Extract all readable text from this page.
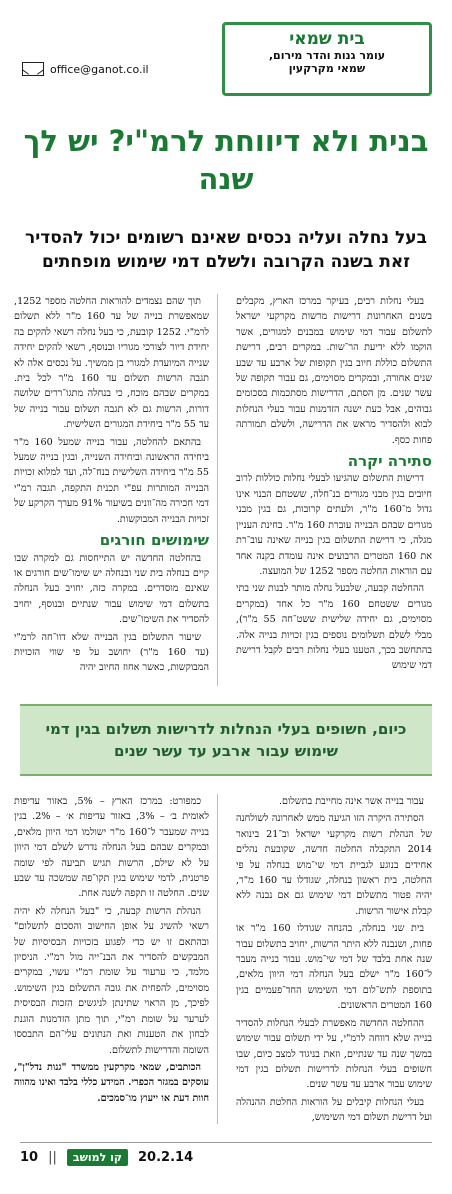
בית שמאי
עומר גנות והדר מירום,
שמאי מקרקעין
office@ganot.co.il
בנית ולא דיווחת לרמ"י? יש לך שנה
בעל נחלה ועליה נכסים שאינם רשומים יכול להסדיר זאת בשנה הקרובה ולשלם דמי שימוש מופחתים

בעלי נחלות רבים, בעיקר במרכז הארץ, מקבלים בשנים האחרונות דרישות מרשות מקרקעי ישראל לתשלום עבור דמי שימוש במבנים למגורים, אשר הוקמו ללא ידיעת הר־שות. במקרים רבים, דרישת התשלום כוללת חיוב בגין תקופות של ארבע עד שבע שנים אחורה, ובמקרים מסוימים, גם עבור תקופה של עשר שנים. מן הסתם, הדרישות מסתכמות בסכומים גבוהים, אבל כעת ישנה הזדמנות עבור בעלי הנחלות לבוא ולהסדיר מראש את הדרישה, ולשלם תמורתה פחות כסף.

סתירה יקרה

דרישות התשלום שהגיעו לבעלי נחלות כוללות לרוב חיובים בגין מבני מגורים בנ־חלה, ששטחם הבנוי אינו גדול מ־160 מ"ר, ולעתים קרובות, גם בגין מבני מגורים שבהם הבנייה עוברת 160 מ"ר. בחינת העניין מגלה, כי דרישת התשלום בגין בנייה שאינה עוב־רת את 160 המטרים הרבועים אינה עומדת בקנה אחד עם הוראות החלטה מספר 1252 של המועצה.

ההחלטה קבעה, שלבעל נחלה מותר לבנות שני בתי מגורים ששטחם 160 מ"ר כל אחד (במקרים מסוימים, גם יחידה שלישית ששט־חה 55 מ"ר), מבלי לשלם תשלומים נוספים בגין זכויות בנייה אלה. בהתחשב בכך, הטענו בעלי נחלות רבים לקבל דרישת דמי שימוש

תוך שהם נצמדים להוראות החלטה מספר 1252, שמאפשרת בנייה של עד 160 מ"ר ללא תשלום לרמ"י. 1252 קובעת, כי בעל נחלה רשאי להקים בה יחידת דיור לצורכי מגוריו ובנוסף, רשאי להקים יחידה שנייה המיועדת למגורי בן ממשיך. על נכסים אלה לא תגבה הרשות תשלום עד 160 מ"ר לכל בית. במקרים שבהם מוכח, כי בנחלה מתגו־ררים שלושה דורות, הרשות גם לא תגבה תשלום עבור בנייה של עד 55 מ"ר ביחידת המגורים השלישית.

בהתאם להחלטה, עבור בנייה שמעל 160 מ"ר ביחידה הראשונה וביחידה השנייה, ובגין בנייה שמעל 55 מ"ר ביחידה השלישית בנח־לה, ועד למלוא זכויות הבנייה המותרות עפ"י תכנית התקפה, תגבה רמ"י דמי חכירה מה־וונים בשיעור 91% מערך הקרקע של זכויות הבנייה המבוקשות.

שימושים חורגים

בהחלטה החדשה יש התייחסות גם למקרה שבו קיים בנחלה בית שני ובנחלה יש שימו־שים חורגים או שאינם מוסדרים. במקרה כזה, יחויב בעל הנחלה בתשלום דמי שימוש עבור שנתיים ובנוסף, יחויב להסדיר את השימו־שים.

שיעור התשלום בגין הבנייה שלא דוו־חה לרמ"י (עד 160 מ"ר) יחושב על פי שווי הזכויות המבוקשות, כאשר אחוז החיוב יהיה

כיום, חשופים בעלי הנחלות לדרישות תשלום בגין דמי שימוש עבור ארבע עד עשר שנים

עבור בנייה אשר אינה מחייבת בתשלום.

הסתירה היקרה הזו הגיעה ממש לאחרונה לשולחנה של הנהלת רשות מקרקעי ישראל וב־21 בינואר 2014 התקבלה החלטה חדשה, שקובעת נהלים אחידים בנוגע לגביית דמי שי־מוש בנחלה על פי החלטה, בית ראשון בנחלה, שגודלו עד 160 מ"ר, יהיה פטור מתשלום דמי שימוש גם אם נבנה ללא קבלת אישור הרשות.

בית שני בנחלה, בהנחה שגודלו 160 מ"ר או פחות, ושנבנה ללא היתר הרשות, יחויב בתשלום עבור שנה אחת בלבד של דמי שי־מוש. עבור בנייה מעבר ל־160 מ"ר ישלם בעל הנחלה דמי היוון מלאים, בתוספת לתש־לום דמי השימוש החד־פעמיים בגין 160 המטרים הראשונים.

ההחלטה החדשה מאפשרת לבעלי הנחלות להסדיר בנייה שלא דווחה לרמ"י, על ידי תשלום עבור שימוש במשך שנה עד שנתיים, וזאת בניגוד למצב כיום, שבו חשופים בעלי הנחלות לדרישות תשלום בגין דמי שימוש עבור ארבע עד עשר שנים.

בעלי הנחלות קיבלים על הוראות החלטת ההנהלה ועל דרישת תשלום דמי השימוש,

כמפורט: במרכז הארץ – 5%, באזור עדיפות לאומית ב׳ – 3%, באזור עדיפות א׳ – 2%. בגין בנייה שמעבר ל־160 מ"ר ישולמו דמי היוון מלאים, ובמקרים שבהם בעל הנחלה נדרש לשלם דמי היוון על לא שילם, הרשות תגיש תביעה לפי שומה פרטנית, לדמי שימוש בגין תקו־פה שמשכה עד שבע שנים. החלטה זו תקפה לשנה אחת.

הנהלת הרשות קבעה, כי "בעל הנחלה לא יהיה רשאי להשיג על אופן החישוב והסכום לתשלום" ובהתאם זו יש כדי לפגוע בזכויות הבסיסיות של המבקשים להסדיר את הבנ־ייה מול רמ"י. הניסיון מלמד, כי ערעור על שומת רמ"י עשוי, במקרים מסוימים, להפחית את גובה התשלום בגין השימוש. לפיכך, מן הראוי שתינתן לניגשים הזכות הבסיסית לערער על שומת רמ"י, תוך מתן הזדמנות הוגנת לבחון את הטענות ואת הנתונים עלי־הם התבססו השומה והדרישות לתשלום.

הכותבים, שמאי מקרקעין ממשרד "גנות נדל"ן", עוסקים במגזר הכפרי. המידע כללי בלבד ואינו מהווה חוות דעת או ייעוץ מו־סמכים.

10 ||	קו למושב	20.2.14
